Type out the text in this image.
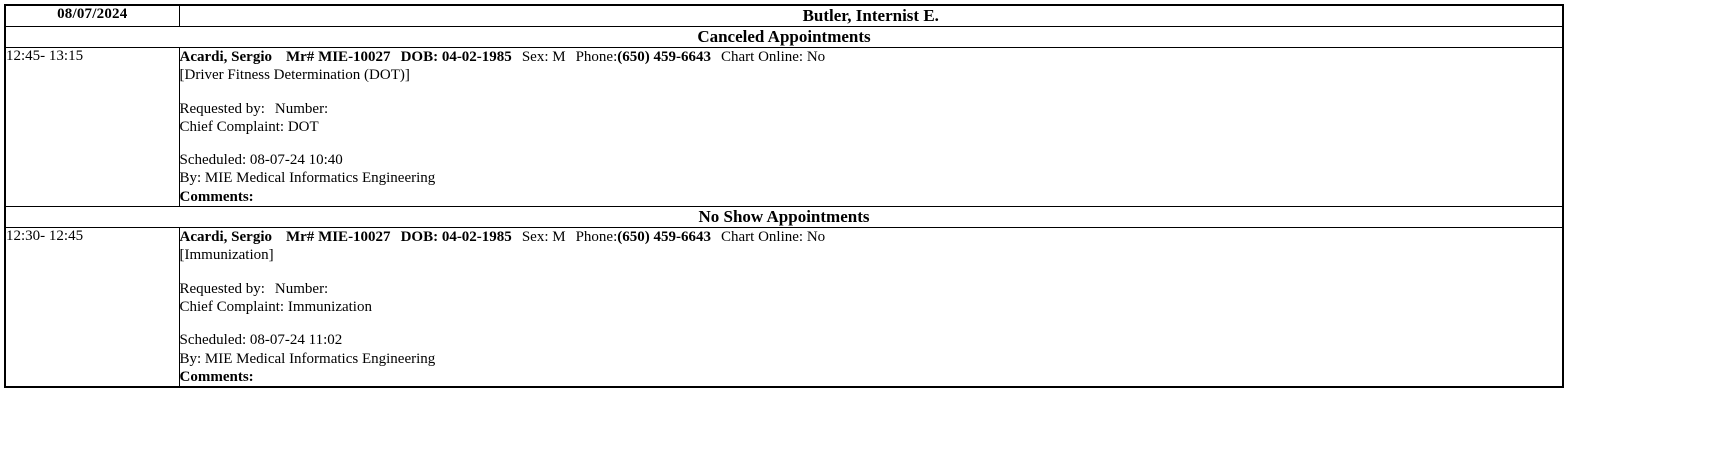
08/07/2024	Butler, Internist E.
Canceled Appointments	
12:45- 13:15	Acardi, Sergio Mr# MIE-10027 DOB: 04-02-1985 Sex: M Phone:(650) 459-6643 Chart Online: No
[Driver Fitness Determination (DOT)]
Requested by: Number:
Chief Complaint: DOT
Scheduled: 08-07-24 10:40
By: MIE Medical Informatics Engineering
Comments:

No Show Appointments	
12:30- 12:45	Acardi, Sergio Mr# MIE-10027 DOB: 04-02-1985 Sex: M Phone:(650) 459-6643 Chart Online: No
[Immunization]
Requested by: Number:
Chief Complaint: Immunization
Scheduled: 08-07-24 11:02
By: MIE Medical Informatics Engineering
Comments:
